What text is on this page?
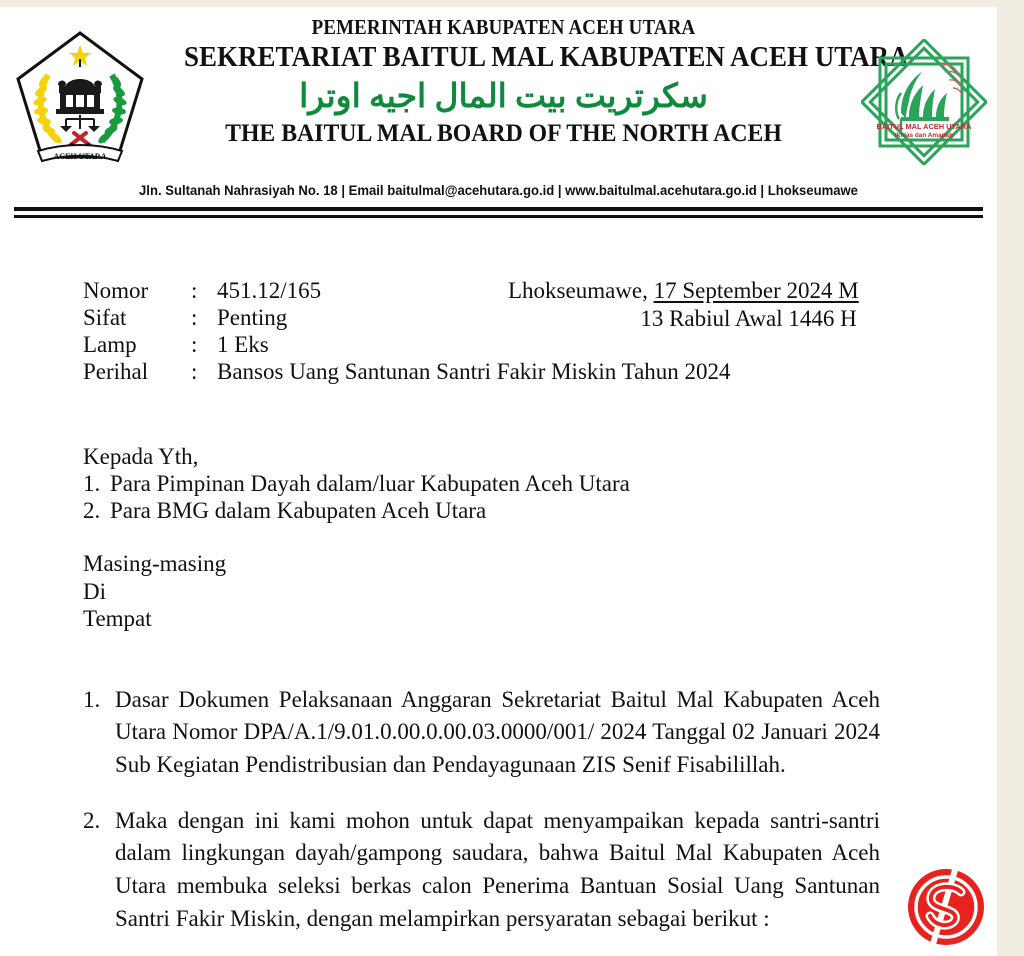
ACEH UTARA
PEMERINTAH KABUPATEN ACEH UTARA
SEKRETARIAT BAITUL MAL KABUPATEN ACEH UTARA
سكرتريت بيت المال اجيه اوترا
THE BAITUL MAL BOARD OF THE NORTH ACEH	BAITUL MAL ACEH UTARA
Ikhlas dan Amanah
Jln. Sultanah Nahrasiyah No. 18 | Email baitulmal@acehutara.go.id | www.baitulmal.acehutara.go.id | Lhokseumawe
Nomor	:	451.12/165
Sifat	:	Penting
Lamp	:	1 Eks
Perihal	:	Bansos Uang Santunan Santri Fakir Miskin Tahun 2024
Lhokseumawe, 17 September 2024 M
13 Rabiul Awal 1446 H
Kepada Yth,
1. Para Pimpinan Dayah dalam/luar Kabupaten Aceh Utara
2. Para BMG dalam Kabupaten Aceh Utara
Masing-masing
Di
Tempat
1. Dasar Dokumen Pelaksanaan Anggaran Sekretariat Baitul Mal Kabupaten Aceh Utara Nomor DPA/A.1/9.01.0.00.0.00.03.0000/001/ 2024 Tanggal 02 Januari 2024 Sub Kegiatan Pendistribusian dan Pendayagunaan ZIS Senif Fisabilillah.
2. Maka dengan ini kami mohon untuk dapat menyampaikan kepada santri-santri dalam lingkungan dayah/gampong saudara, bahwa Baitul Mal Kabupaten Aceh Utara membuka seleksi berkas calon Penerima Bantuan Sosial Uang Santunan Santri Fakir Miskin, dengan melampirkan persyaratan sebagai berikut :
